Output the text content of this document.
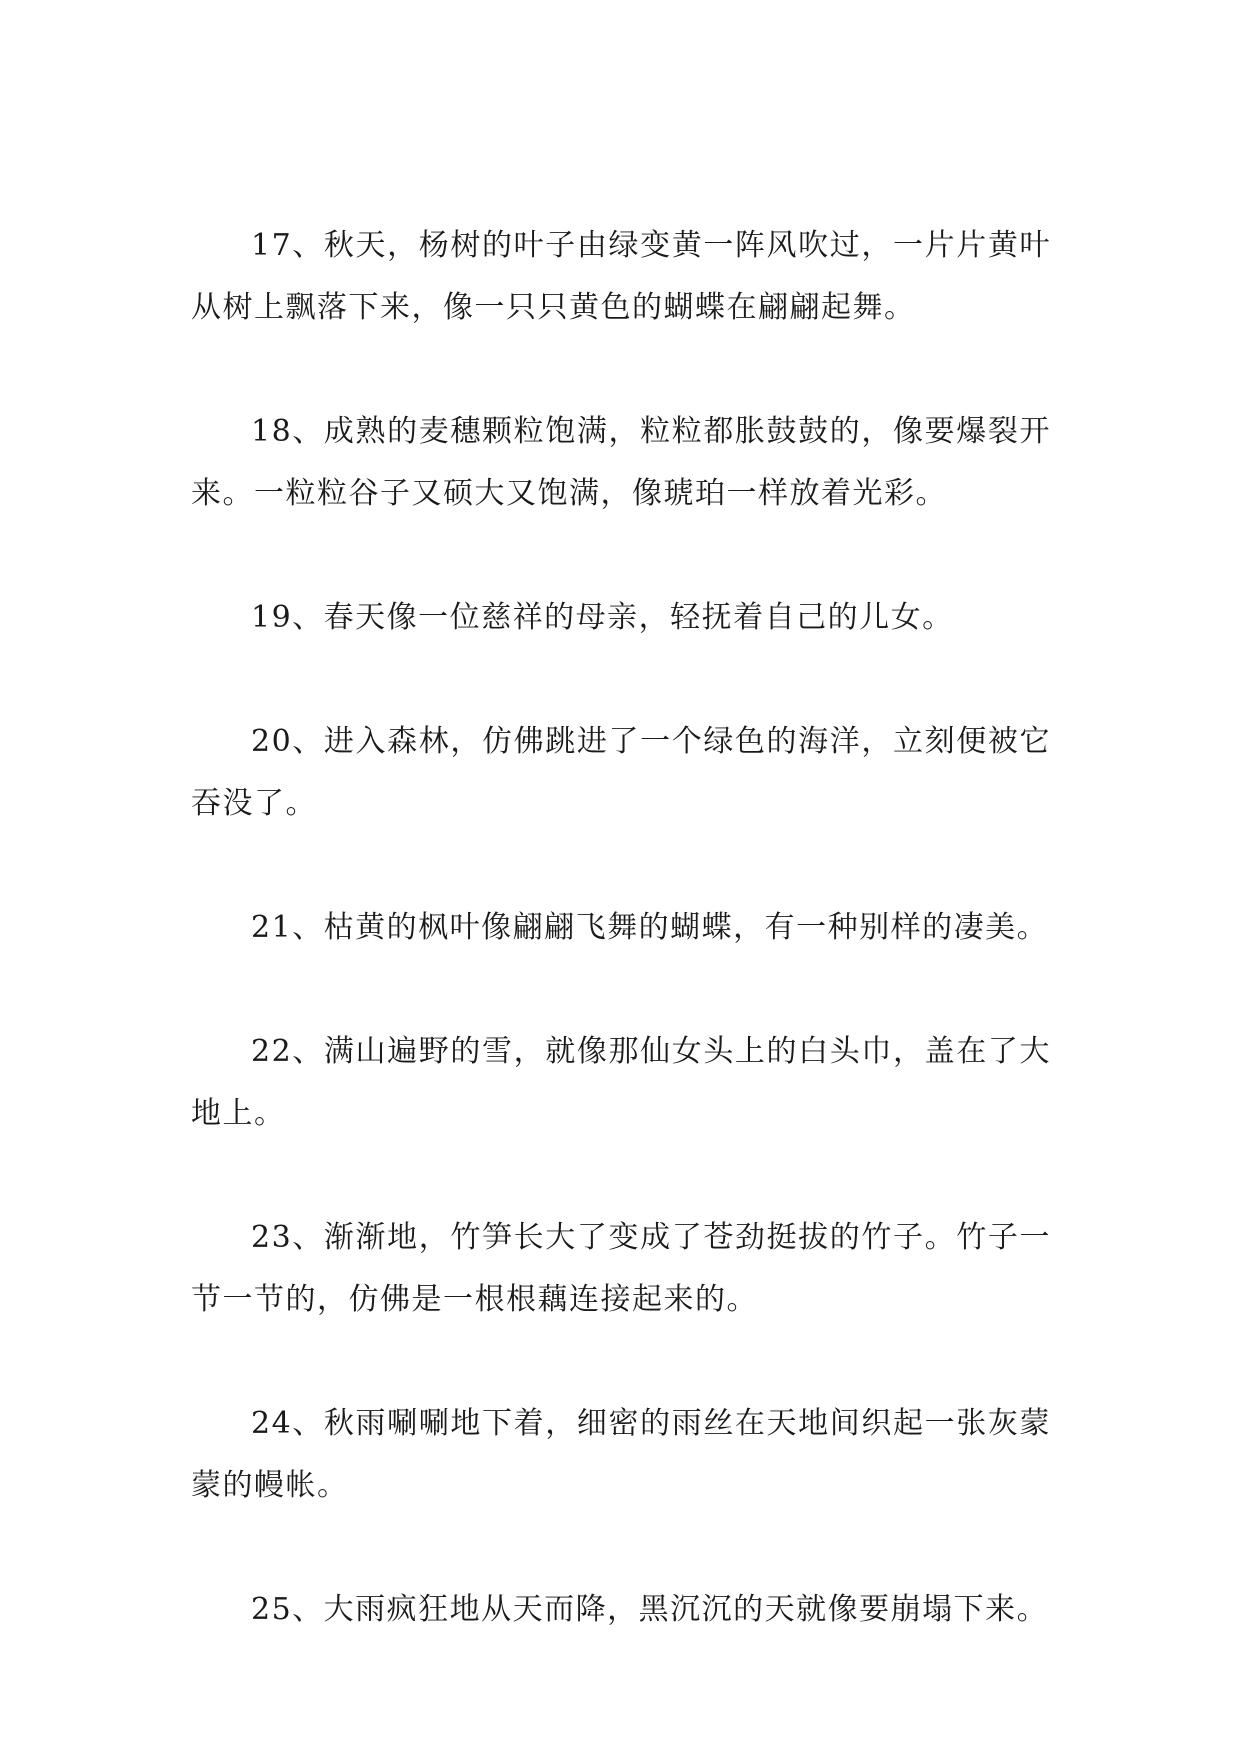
17、秋天，杨树的叶子由绿变黄一阵风吹过，一片片黄叶从树上飘落下来，像一只只黄色的蝴蝶在翩翩起舞。

18、成熟的麦穗颗粒饱满，粒粒都胀鼓鼓的，像要爆裂开来。一粒粒谷子又硕大又饱满，像琥珀一样放着光彩。

19、春天像一位慈祥的母亲，轻抚着自己的儿女。

20、进入森林，仿佛跳进了一个绿色的海洋，立刻便被它吞没了。

21、枯黄的枫叶像翩翩飞舞的蝴蝶，有一种别样的凄美。

22、满山遍野的雪，就像那仙女头上的白头巾，盖在了大地上。

23、渐渐地，竹笋长大了变成了苍劲挺拔的竹子。竹子一节一节的，仿佛是一根根藕连接起来的。

24、秋雨唰唰地下着，细密的雨丝在天地间织起一张灰蒙蒙的幔帐。

25、大雨疯狂地从天而降，黑沉沉的天就像要崩塌下来。
